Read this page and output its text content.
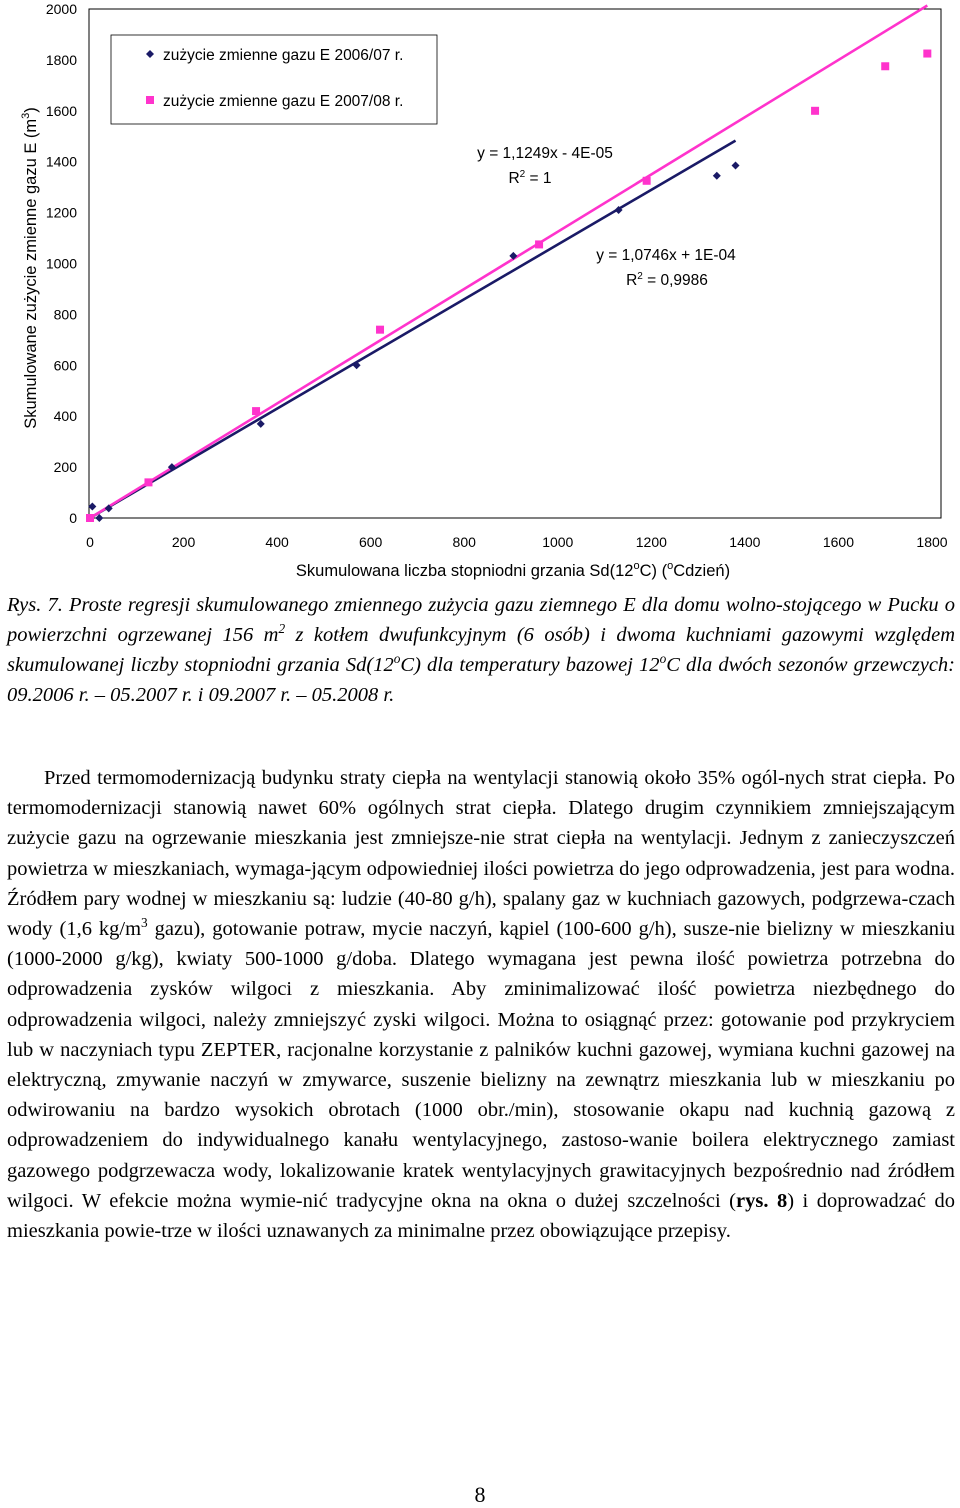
0
200
400
600
800
1000
1200
1400
1600
1800
2000
0	200	400	600	800	1000	1200	1400	1600	1800
Skumulowane zużycie zmienne gazu E $(m^3)$
Skumulowana liczba stopniodni grzania Sd(12$^o$C) ($^o$Cdzień)
zużycie zmienne gazu E 2006/07 r.
zużycie zmienne gazu E 2007/08 r.
y = 1,1249x - 4E-05
$R^2 = 1$
y = 1,0746x + 1E-04
$R^2 = 0,9986$

Rys. 7. Proste regresji skumulowanego zmiennego zużycia gazu ziemnego E dla domu wolno-stojącego w Pucku o powierzchni ogrzewanej 156 $m^2$ z kotłem dwufunkcyjnym (6 osób) i dwoma kuchniami gazowymi względem skumulowanej liczby stopniodni grzania Sd(12$^o$C) dla temperatury bazowej 12$^o$C dla dwóch sezonów grzewczych: 09.2006 r. – 05.2007 r. i 09.2007 r. – 05.2008 r.

Przed termomodernizacją budynku straty ciepła na wentylacji stanowią około 35% ogól-nych strat ciepła. Po termomodernizacji stanowią nawet 60% ogólnych strat ciepła. Dlatego drugim czynnikiem zmniejszającym zużycie gazu na ogrzewanie mieszkania jest zmniejsze-nie strat ciepła na wentylacji. Jednym z zanieczyszczeń powietrza w mieszkaniach, wymaga-jącym odpowiedniej ilości powietrza do jego odprowadzenia, jest para wodna. Źródłem pary wodnej w mieszkaniu są: ludzie (40-80 g/h), spalany gaz w kuchniach gazowych, podgrzewa-czach wody (1,6 $kg/m^3$ gazu), gotowanie potraw, mycie naczyń, kąpiel (100-600 g/h), susze-nie bielizny w mieszkaniu (1000-2000 g/kg), kwiaty 500-1000 g/doba. Dlatego wymagana jest pewna ilość powietrza potrzebna do odprowadzenia zysków wilgoci z mieszkania. Aby zminimalizować ilość powietrza niezbędnego do odprowadzenia wilgoci, należy zmniejszyć zyski wilgoci. Można to osiągnąć przez: gotowanie pod przykryciem lub w naczyniach typu ZEPTER, racjonalne korzystanie z palników kuchni gazowej, wymiana kuchni gazowej na elektryczną, zmywanie naczyń w zmywarce, suszenie bielizny na zewnątrz mieszkania lub w mieszkaniu po odwirowaniu na bardzo wysokich obrotach (1000 obr./min), stosowanie okapu nad kuchnią gazową z odprowadzeniem do indywidualnego kanału wentylacyjnego, zastoso-wanie boilera elektrycznego zamiast gazowego podgrzewacza wody, lokalizowanie kratek wentylacyjnych grawitacyjnych bezpośrednio nad źródłem wilgoci. W efekcie można wymie-nić tradycyjne okna na okna o dużej szczelności (rys. 8) i doprowadzać do mieszkania powie-trze w ilości uznawanych za minimalne przez obowiązujące przepisy.

8
